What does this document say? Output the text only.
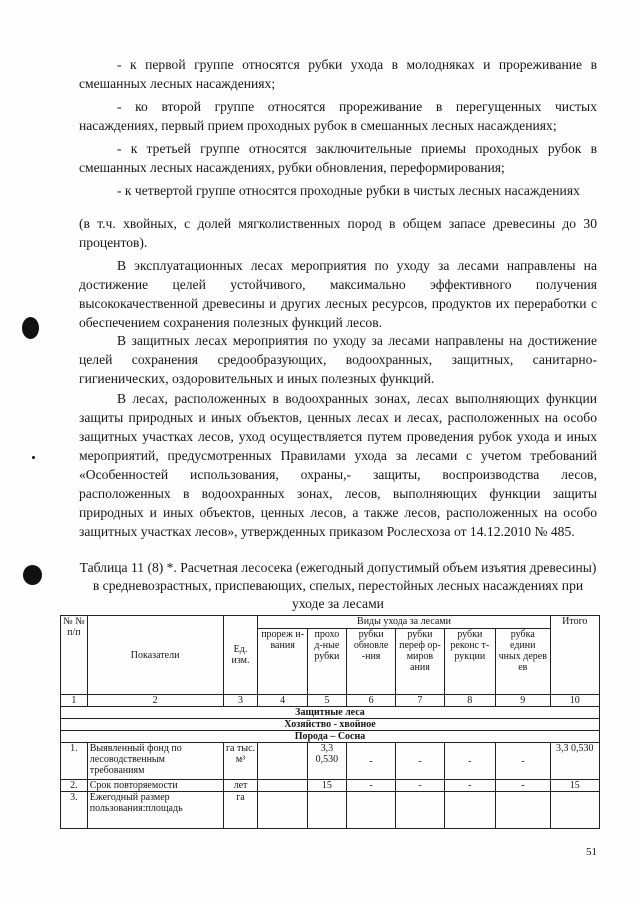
- к первой группе относятся рубки ухода в молодняках и прореживание в смешанных лесных насаждениях;
- ко второй группе относятся прореживание в перегущенных чистых насаждениях, первый прием проходных рубок в смешанных лесных насаждениях;
- к третьей группе относятся заключительные приемы проходных рубок в смешанных лесных насаждениях, рубки обновления, переформирования;
- к четвертой группе относятся проходные рубки в чистых лесных насаждениях
(в т.ч. хвойных, с долей мягколиственных пород в общем запасе древесины до 30 процентов).
В эксплуатационных лесах мероприятия по уходу за лесами направлены на достижение целей устойчивого, максимально эффективного получения высококачественной древесины и других лесных ресурсов, продуктов их переработки с обеспечением сохранения полезных функций лесов.
В защитных лесах мероприятия по уходу за лесами направлены на достижение целей сохранения средообразующих, водоохранных, защитных, санитарно-гигиенических, оздоровительных и иных полезных функций.
В лесах, расположенных в водоохранных зонах, лесах выполняющих функции защиты природных и иных объектов, ценных лесах и лесах, расположенных на особо защитных участках лесов, уход осуществляется путем проведения рубок ухода и иных мероприятий, предусмотренных Правилами ухода за лесами с учетом требований «Особенностей использования, охраны,- защиты, воспроизводства лесов, расположенных в водоохранных зонах, лесов, выполняющих функции защиты природных и иных объектов, ценных лесов, а также лесов, расположенных на особо защитных участках лесов», утвержденных приказом Рослесхоза от 14.12.2010 № 485.
Таблица 11 (8) *. Расчетная лесосека (ежегодный допустимый объем изъятия древесины) в средневозрастных, приспевающих, спелых, перестойных лесных насаждениях при уходе за лесами
№ № п/п	Показатели	Ед. изм.	Виды ухода за лесами						Итого
			прореж и-вания	прохо д-ные рубки	рубки обновле -ния	рубки переф ор- миров ания	рубки реконс т- рукции	рубка едини чных дерев ев	
1	2	3	4	5	6	7	8	9	10
Защитные леса									
Хозяйство - хвойное									
Порода – Сосна									
1.	Выявленный фонд по лесоводственным требованиям	га тыс. м³		3,3 0,530	-	-	-	-	3,3 0,530
2.	Срок повторяемости	лет		15	-	-	-	-	15
3.	Ежегодный размер пользования:площадь	га							
51
